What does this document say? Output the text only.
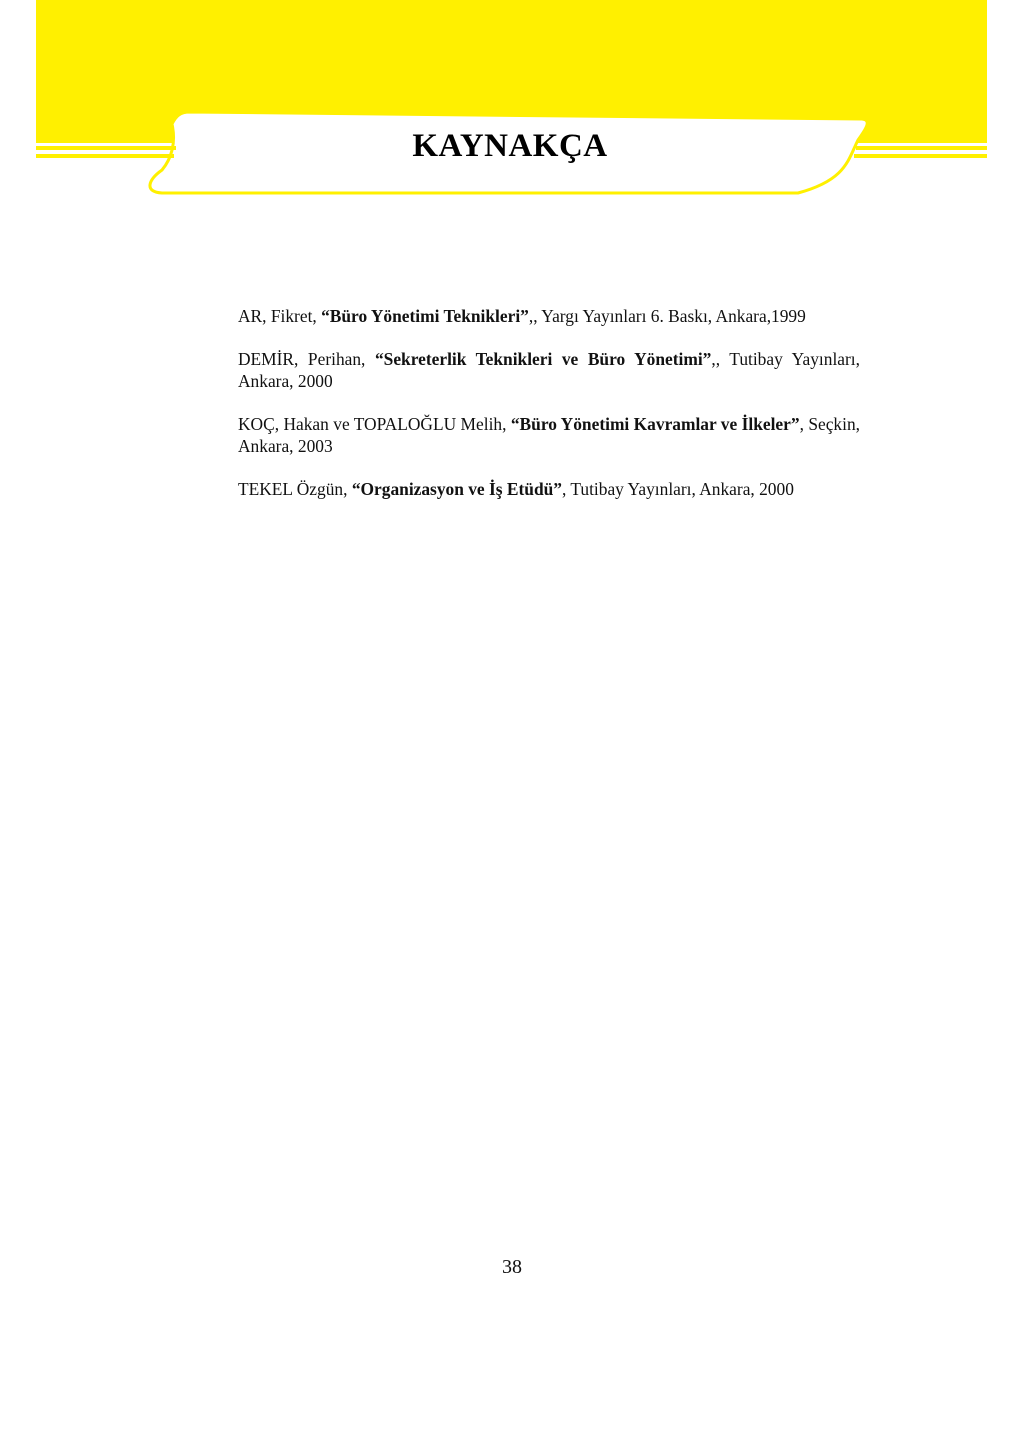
KAYNAKÇA
AR, Fikret, “Büro Yönetimi Teknikleri”,, Yargı Yayınları 6. Baskı, Ankara,1999
DEMİR, Perihan, “Sekreterlik Teknikleri ve Büro Yönetimi”,, Tutibay Yayınları, Ankara, 2000
KOÇ, Hakan ve TOPALOĞLU Melih, “Büro Yönetimi Kavramlar ve İlkeler”, Seçkin, Ankara, 2003
TEKEL Özgün, “Organizasyon ve İş Etüdü”, Tutibay Yayınları, Ankara, 2000
38
